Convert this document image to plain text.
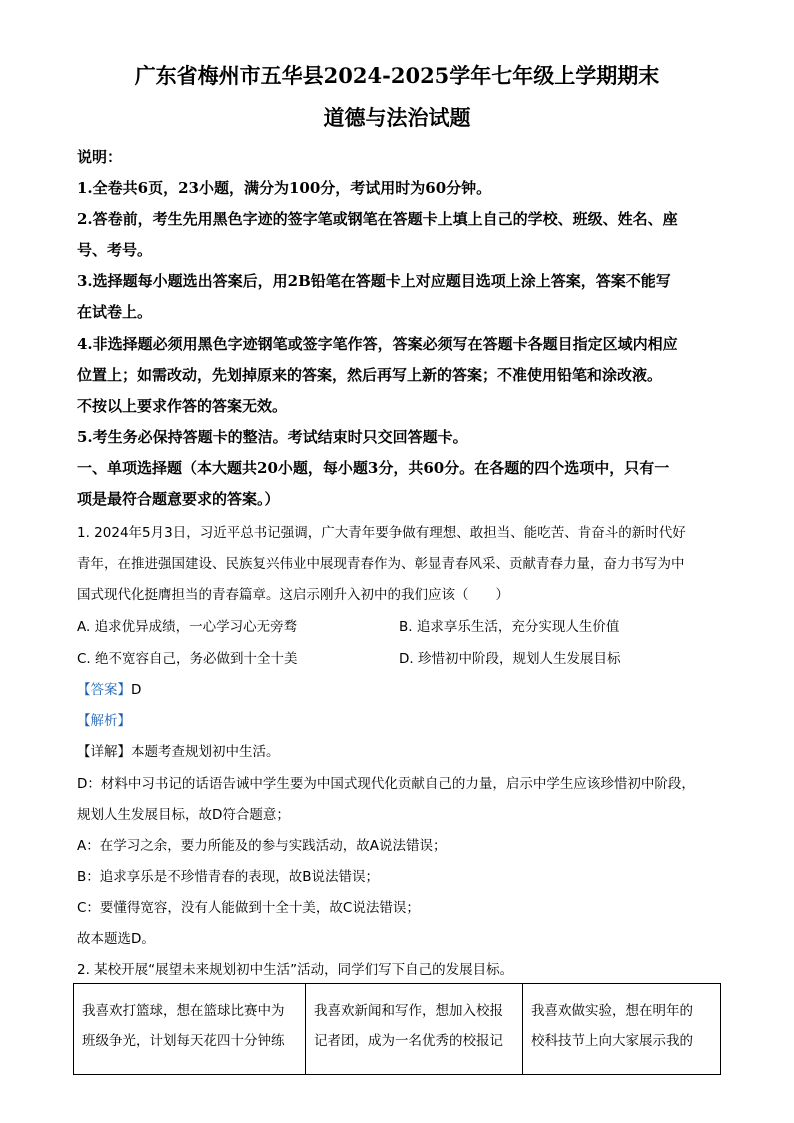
广东省梅州市五华县2024-2025学年七年级上学期期末
道德与法治试题
说明：
1.全卷共6页，23小题，满分为100分，考试用时为60分钟。
2.答卷前，考生先用黑色字迹的签字笔或钢笔在答题卡上填上自己的学校、班级、姓名、座
号、考号。
3.选择题每小题选出答案后，用2B铅笔在答题卡上对应题目选项上涂上答案，答案不能写
在试卷上。
4.非选择题必须用黑色字迹钢笔或签字笔作答，答案必须写在答题卡各题目指定区域内相应
位置上；如需改动，先划掉原来的答案，然后再写上新的答案；不准使用铅笔和涂改液。
不按以上要求作答的答案无效。
5.考生务必保持答题卡的整洁。考试结束时只交回答题卡。
一、单项选择题（本大题共20小题，每小题3分，共60分。在各题的四个选项中，只有一
项是最符合题意要求的答案。）
1. 2024年5月3日，习近平总书记强调，广大青年要争做有理想、敢担当、能吃苦、肯奋斗的新时代好
青年，在推进强国建设、民族复兴伟业中展现青春作为、彰显青春风采、贡献青春力量，奋力书写为中
国式现代化挺膺担当的青春篇章。这启示刚升入初中的我们应该（　　）
A. 追求优异成绩，一心学习心无旁骛	B. 追求享乐生活，充分实现人生价值
C. 绝不宽容自己，务必做到十全十美	D. 珍惜初中阶段，规划人生发展目标
【答案】D
【解析】
【详解】本题考查规划初中生活。
D：材料中习书记的话语告诫中学生要为中国式现代化贡献自己的力量，启示中学生应该珍惜初中阶段，
规划人生发展目标，故D符合题意；
A：在学习之余，要力所能及的参与实践活动，故A说法错误；
B：追求享乐是不珍惜青春的表现，故B说法错误；
C：要懂得宽容，没有人能做到十全十美，故C说法错误；
故本题选D。
2. 某校开展“展望未来规划初中生活”活动，同学们写下自己的发展目标。
我喜欢打篮球，想在篮球比赛中为
班级争光，计划每天花四十分钟练

我喜欢新闻和写作，想加入校报
记者团，成为一名优秀的校报记

我喜欢做实验，想在明年的
校科技节上向大家展示我的
